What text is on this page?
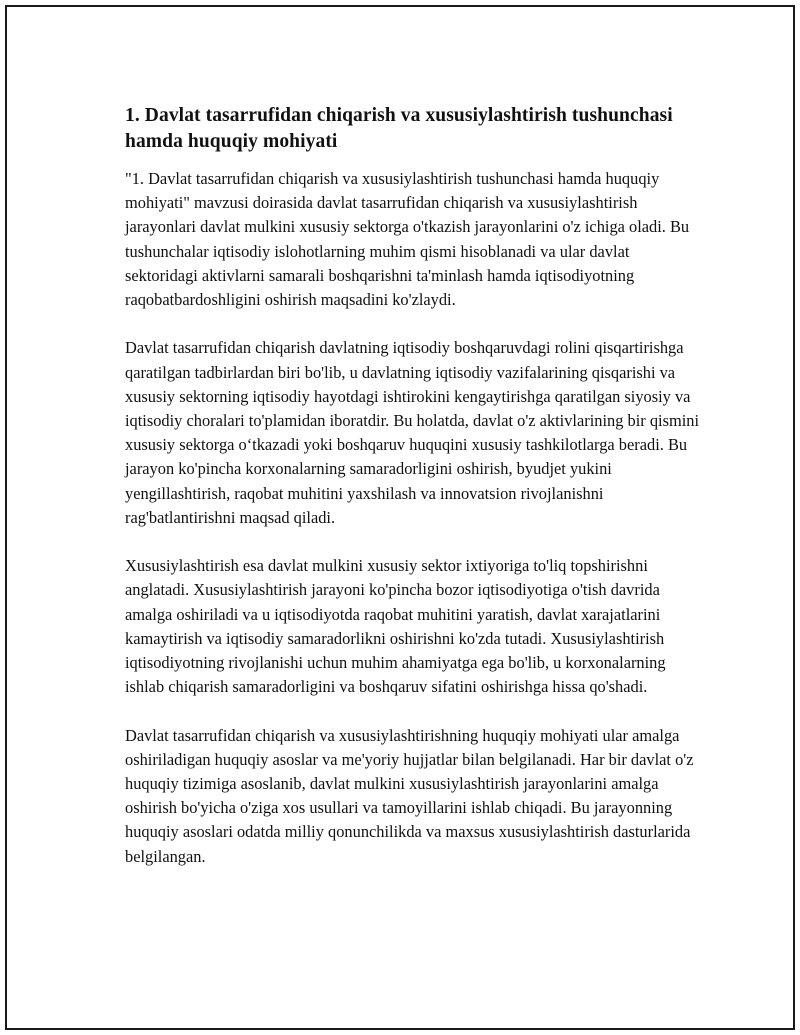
1. Davlat tasarrufidan chiqarish va xususiylashtirish tushunchasi hamda huquqiy mohiyati

"1. Davlat tasarrufidan chiqarish va xususiylashtirish tushunchasi hamda huquqiy mohiyati" mavzusi doirasida davlat tasarrufidan chiqarish va xususiylashtirish jarayonlari davlat mulkini xususiy sektorga o'tkazish jarayonlarini o'z ichiga oladi. Bu tushunchalar iqtisodiy islohotlarning muhim qismi hisoblanadi va ular davlat sektoridagi aktivlarni samarali boshqarishni ta'minlash hamda iqtisodiyotning raqobatbardoshligini oshirish maqsadini ko'zlaydi.

Davlat tasarrufidan chiqarish davlatning iqtisodiy boshqaruvdagi rolini qisqartirishga qaratilgan tadbirlardan biri bo'lib, u davlatning iqtisodiy vazifalarining qisqarishi va xususiy sektorning iqtisodiy hayotdagi ishtirokini kengaytirishga qaratilgan siyosiy va iqtisodiy choralari to'plamidan iboratdir. Bu holatda, davlat o'z aktivlarining bir qismini xususiy sektorga o‘tkazadi yoki boshqaruv huquqini xususiy tashkilotlarga beradi. Bu jarayon ko'pincha korxonalarning samaradorligini oshirish, byudjet yukini yengillashtirish, raqobat muhitini yaxshilash va innovatsion rivojlanishni rag'batlantirishni maqsad qiladi.

Xususiylashtirish esa davlat mulkini xususiy sektor ixtiyoriga to'liq topshirishni anglatadi. Xususiylashtirish jarayoni ko'pincha bozor iqtisodiyotiga o'tish davrida amalga oshiriladi va u iqtisodiyotda raqobat muhitini yaratish, davlat xarajatlarini kamaytirish va iqtisodiy samaradorlikni oshirishni ko'zda tutadi. Xususiylashtirish iqtisodiyotning rivojlanishi uchun muhim ahamiyatga ega bo'lib, u korxonalarning ishlab chiqarish samaradorligini va boshqaruv sifatini oshirishga hissa qo'shadi.

Davlat tasarrufidan chiqarish va xususiylashtirishning huquqiy mohiyati ular amalga oshiriladigan huquqiy asoslar va me'yoriy hujjatlar bilan belgilanadi. Har bir davlat o'z huquqiy tizimiga asoslanib, davlat mulkini xususiylashtirish jarayonlarini amalga oshirish bo'yicha o'ziga xos usullari va tamoyillarini ishlab chiqadi. Bu jarayonning huquqiy asoslari odatda milliy qonunchilikda va maxsus xususiylashtirish dasturlarida belgilangan.
